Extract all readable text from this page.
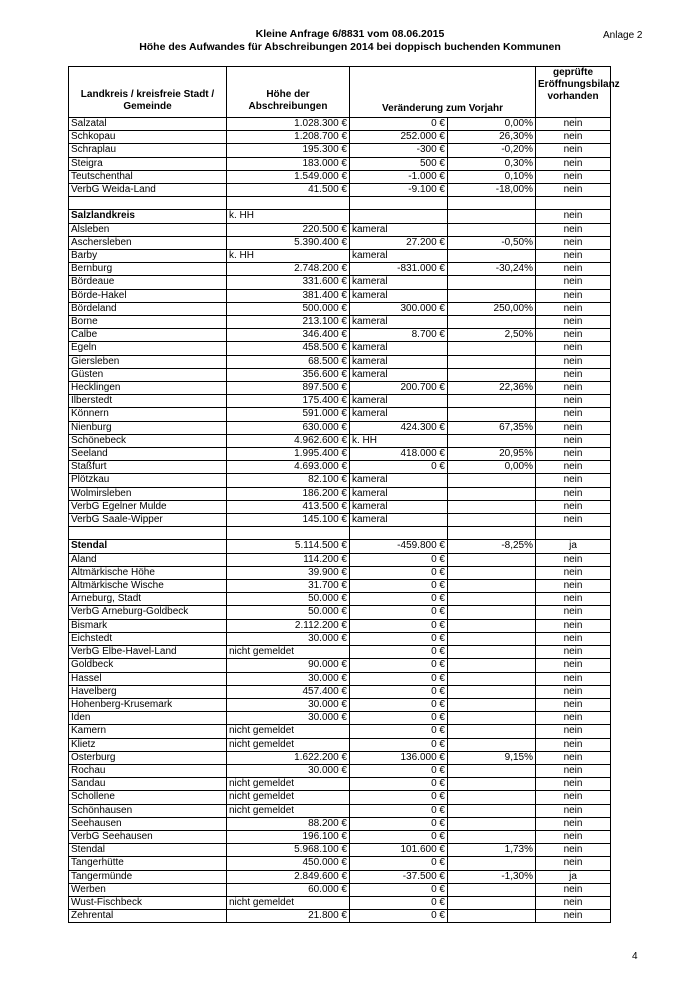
Kleine Anfrage 6/8831 vom 08.06.2015
Höhe des Aufwandes für Abschreibungen 2014 bei doppisch buchenden Kommunen
Anlage 2
Landkreis / kreisfreie Stadt / Gemeinde	Höhe der Abschreibungen	Veränderung zum Vorjahr		geprüfte Eröffnungsbilanz vorhanden
Salzatal	1.028.300 €	0 €	0,00%	nein
Schkopau	1.208.700 €	252.000 €	26,30%	nein
Schraplau	195.300 €	-300 €	-0,20%	nein
Steigra	183.000 €	500 €	0,30%	nein
Teutschenthal	1.549.000 €	-1.000 €	0,10%	nein
VerbG Weida-Land	41.500 €	-9.100 €	-18,00%	nein

Salzlandkreis	k. HH			nein
Alsleben	220.500 €	kameral		nein
Aschersleben	5.390.400 €	27.200 €	-0,50%	nein
Barby	k. HH	kameral		nein
Bernburg	2.748.200 €	-831.000 €	-30,24%	nein
Bördeaue	331.600 €	kameral		nein
Börde-Hakel	381.400 €	kameral		nein
Bördeland	500.000 €	300.000 €	250,00%	nein
Borne	213.100 €	kameral		nein
Calbe	346.400 €	8.700 €	2,50%	nein
Egeln	458.500 €	kameral		nein
Giersleben	68.500 €	kameral		nein
Güsten	356.600 €	kameral		nein
Hecklingen	897.500 €	200.700 €	22,36%	nein
Ilberstedt	175.400 €	kameral		nein
Könnern	591.000 €	kameral		nein
Nienburg	630.000 €	424.300 €	67,35%	nein
Schönebeck	4.962.600 €	k. HH		nein
Seeland	1.995.400 €	418.000 €	20,95%	nein
Staßfurt	4.693.000 €	0 €	0,00%	nein
Plötzkau	82.100 €	kameral		nein
Wolmirsleben	186.200 €	kameral		nein
VerbG Egelner Mulde	413.500 €	kameral		nein
VerbG Saale-Wipper	145.100 €	kameral		nein

Stendal	5.114.500 €	-459.800 €	-8,25%	ja
Aland	114.200 €	0 €		nein
Altmärkische Höhe	39.900 €	0 €		nein
Altmärkische Wische	31.700 €	0 €		nein
Arneburg, Stadt	50.000 €	0 €		nein
VerbG Arneburg-Goldbeck	50.000 €	0 €		nein
Bismark	2.112.200 €	0 €		nein
Eichstedt	30.000 €	0 €		nein
VerbG Elbe-Havel-Land	nicht gemeldet	0 €		nein
Goldbeck	90.000 €	0 €		nein
Hassel	30.000 €	0 €		nein
Havelberg	457.400 €	0 €		nein
Hohenberg-Krusemark	30.000 €	0 €		nein
Iden	30.000 €	0 €		nein
Kamern	nicht gemeldet	0 €		nein
Klietz	nicht gemeldet	0 €		nein
Osterburg	1.622.200 €	136.000 €	9,15%	nein
Rochau	30.000 €	0 €		nein
Sandau	nicht gemeldet	0 €		nein
Schollene	nicht gemeldet	0 €		nein
Schönhausen	nicht gemeldet	0 €		nein
Seehausen	88.200 €	0 €		nein
VerbG Seehausen	196.100 €	0 €		nein
Stendal	5.968.100 €	101.600 €	1,73%	nein
Tangerhütte	450.000 €	0 €		nein
Tangermünde	2.849.600 €	-37.500 €	-1,30%	ja
Werben	60.000 €	0 €		nein
Wust-Fischbeck	nicht gemeldet	0 €		nein
Zehrental	21.800 €	0 €		nein
4
